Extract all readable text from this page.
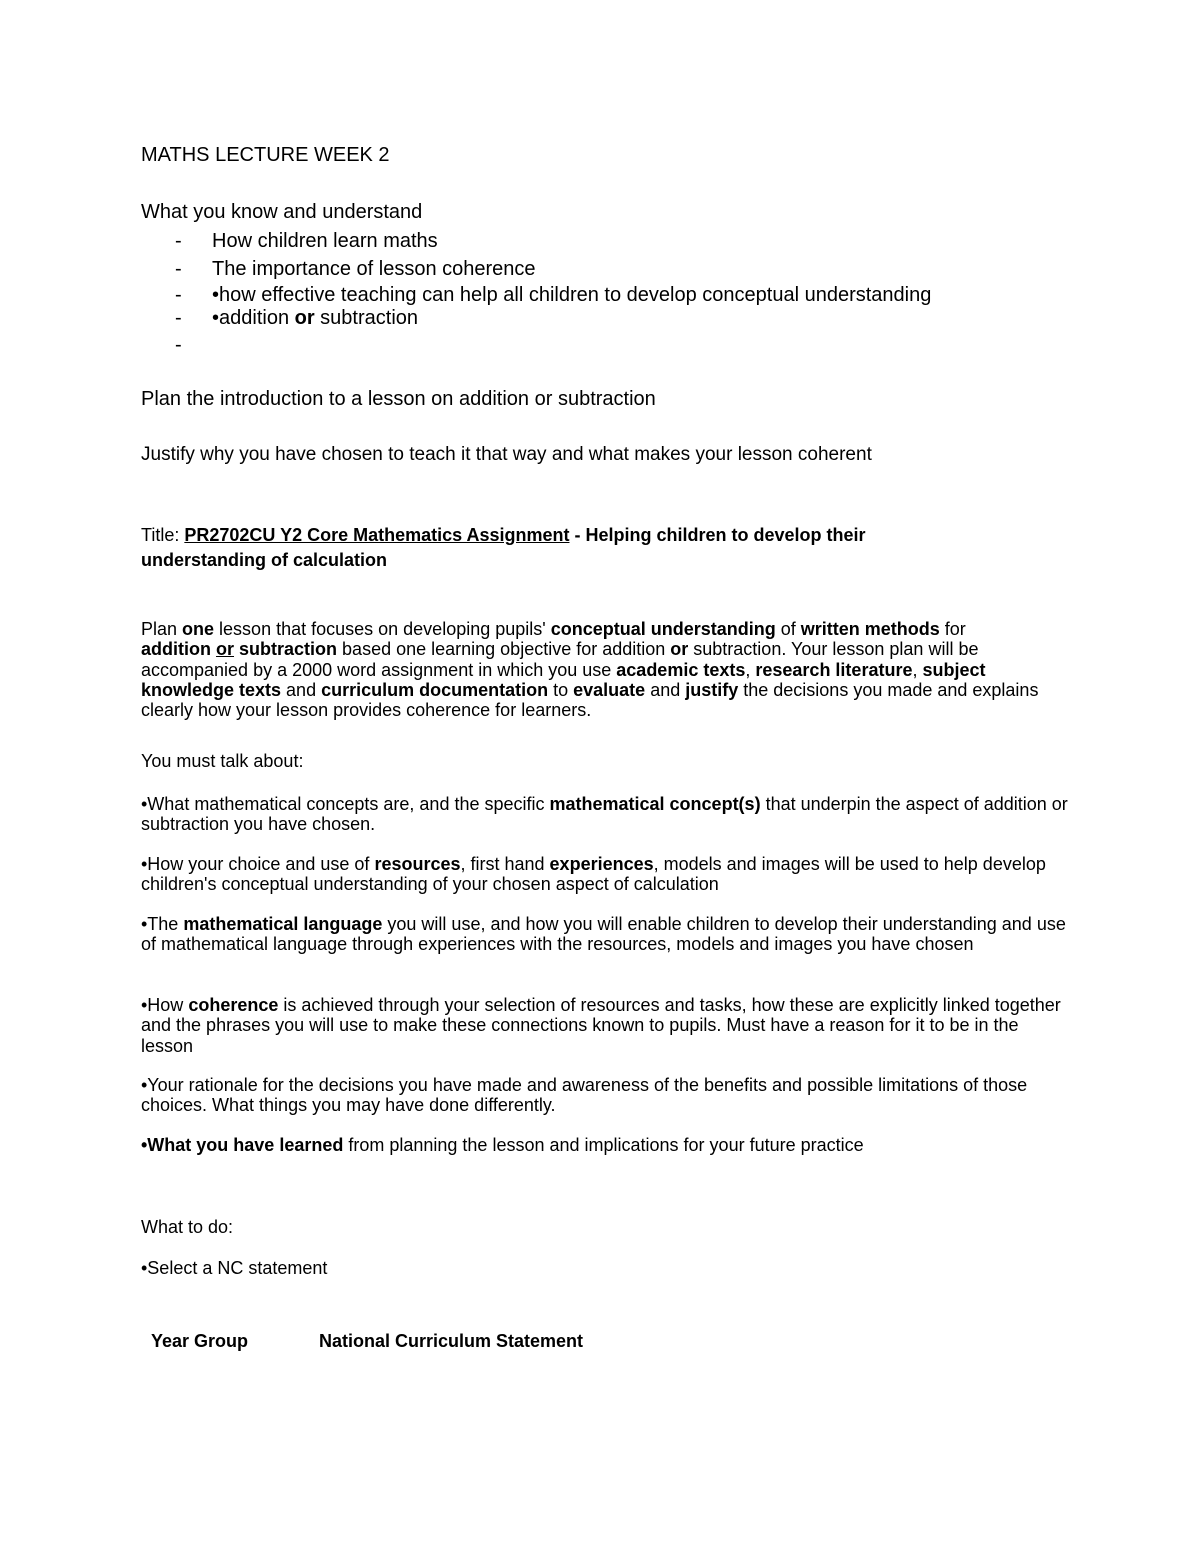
MATHS LECTURE WEEK 2
What you know and understand
- How children learn maths
- The importance of lesson coherence
- •how effective teaching can help all children to develop conceptual understanding
- •addition or subtraction
-
Plan the introduction to a lesson on addition or subtraction
Justify why you have chosen to teach it that way and what makes your lesson coherent
Title: PR2702CU Y2 Core Mathematics Assignment - Helping children to develop their
understanding of calculation

Plan one lesson that focuses on developing pupils' conceptual understanding of written methods for
addition or subtraction based one learning objective for addition or subtraction. Your lesson plan will be accompanied by a 2000 word assignment in which you use academic texts, research literature, subject knowledge texts and curriculum documentation to evaluate and justify the decisions you made and explains clearly how your lesson provides coherence for learners.

You must talk about:

•What mathematical concepts are, and the specific mathematical concept(s) that underpin the aspect of addition or subtraction you have chosen.

•How your choice and use of resources, first hand experiences, models and images will be used to help develop children's conceptual understanding of your chosen aspect of calculation

•The mathematical language you will use, and how you will enable children to develop their understanding and use of mathematical language through experiences with the resources, models and images you have chosen

•How coherence is achieved through your selection of resources and tasks, how these are explicitly linked together and the phrases you will use to make these connections known to pupils. Must have a reason for it to be in the lesson

•Your rationale for the decisions you have made and awareness of the benefits and possible limitations of those choices. What things you may have done differently.

•What you have learned from planning the lesson and implications for your future practice

What to do:
•Select a NC statement
Year Group	National Curriculum Statement
